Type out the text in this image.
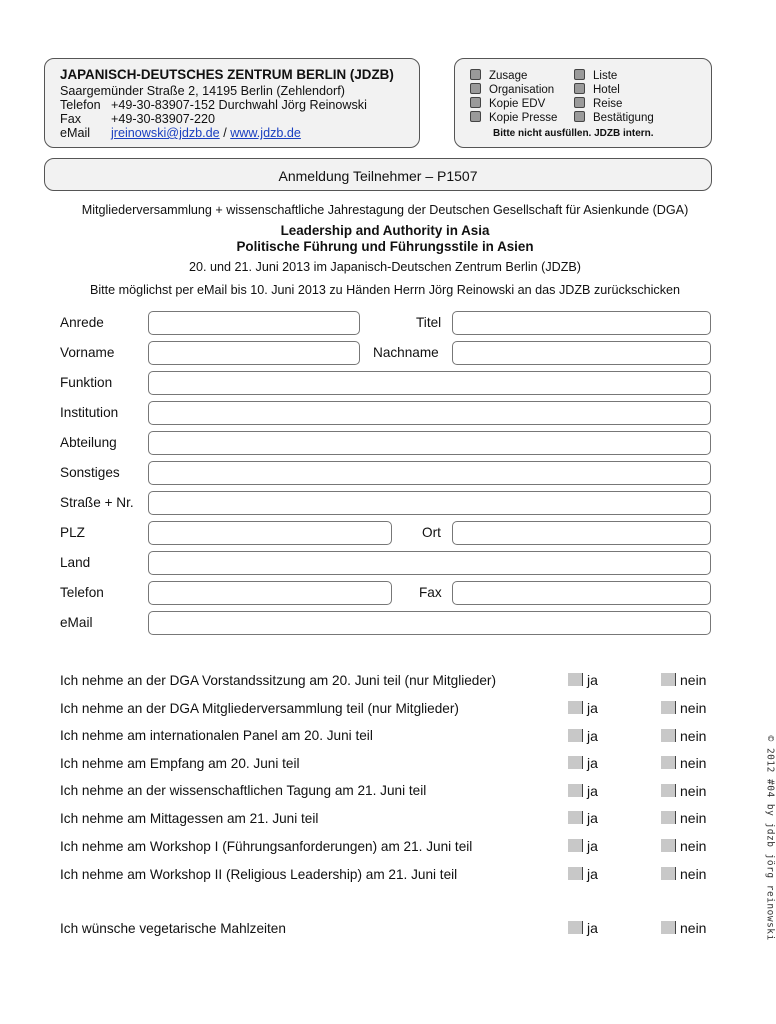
JAPANISCH-DEUTSCHES ZENTRUM BERLIN (JDZB)
Saargemünder Straße 2, 14195 Berlin (Zehlendorf)
Telefon +49-30-83907-152 Durchwahl Jörg Reinowski
Fax +49-30-83907-220
eMail jreinowski@jdzb.de / www.jdzb.de
Zusage
Organisation
Kopie EDV
Kopie Presse
Liste
Hotel
Reise
Bestätigung
Bitte nicht ausfüllen. JDZB intern.
Anmeldung Teilnehmer – P1507
Mitgliederversammlung + wissenschaftliche Jahrestagung der Deutschen Gesellschaft für Asienkunde (DGA)
Leadership and Authority in Asia
Politische Führung und Führungsstile in Asien
20. und 21. Juni 2013 im Japanisch-Deutschen Zentrum Berlin (JDZB)
Bitte möglichst per eMail bis 10. Juni 2013 zu Händen Herrn Jörg Reinowski an das JDZB zurückschicken
Anrede	Titel
Vorname	Nachname
Funktion
Institution
Abteilung
Sonstiges
Straße + Nr.
PLZ	Ort
Land
Telefon	Fax
eMail
Ich nehme an der DGA Vorstandssitzung am 20. Juni teil (nur Mitglieder)	ja	nein
Ich nehme an der DGA Mitgliederversammlung teil (nur Mitglieder)	ja	nein
Ich nehme am internationalen Panel am 20. Juni teil	ja	nein
Ich nehme am Empfang am 20. Juni teil	ja	nein
Ich nehme an der wissenschaftlichen Tagung am 21. Juni teil	ja	nein
Ich nehme am Mittagessen am 21. Juni teil	ja	nein
Ich nehme am Workshop I (Führungsanforderungen) am 21. Juni teil	ja	nein
Ich nehme am Workshop II (Religious Leadership) am 21. Juni teil	ja	nein
Ich wünsche vegetarische Mahlzeiten	ja	nein	© 2012 #04 by jdzb jörg reinowski
